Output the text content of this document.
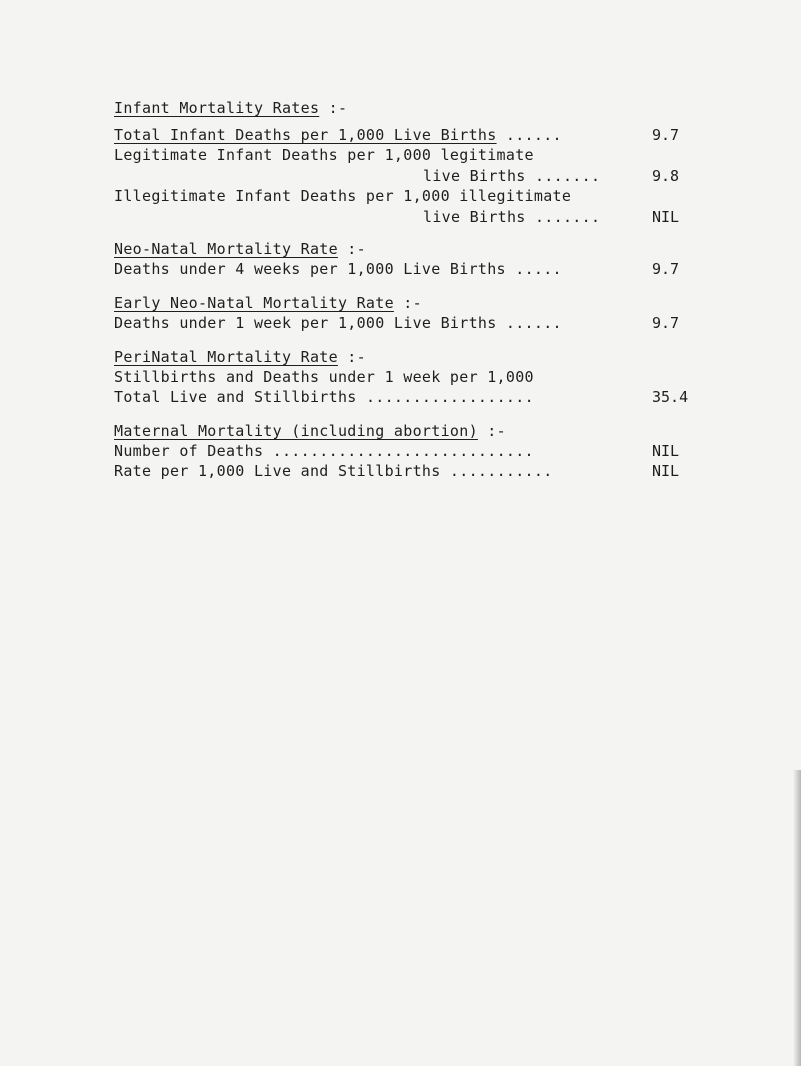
Infant Mortality Rates :-
Total Infant Deaths per 1,000 Live Births ......	9.7
Legitimate Infant Deaths per 1,000 legitimate
live Births .......	9.8
Illegitimate Infant Deaths per 1,000 illegitimate
live Births .......	NIL
Neo-Natal Mortality Rate :-
Deaths under 4 weeks per 1,000 Live Births .....	9.7
Early Neo-Natal Mortality Rate :-
Deaths under 1 week per 1,000 Live Births ......	9.7
PeriNatal Mortality Rate :-
Stillbirths and Deaths under 1 week per 1,000
Total Live and Stillbirths ..................	35.4
Maternal Mortality (including abortion) :-
Number of Deaths ............................	NIL
Rate per 1,000 Live and Stillbirths ...........	NIL
